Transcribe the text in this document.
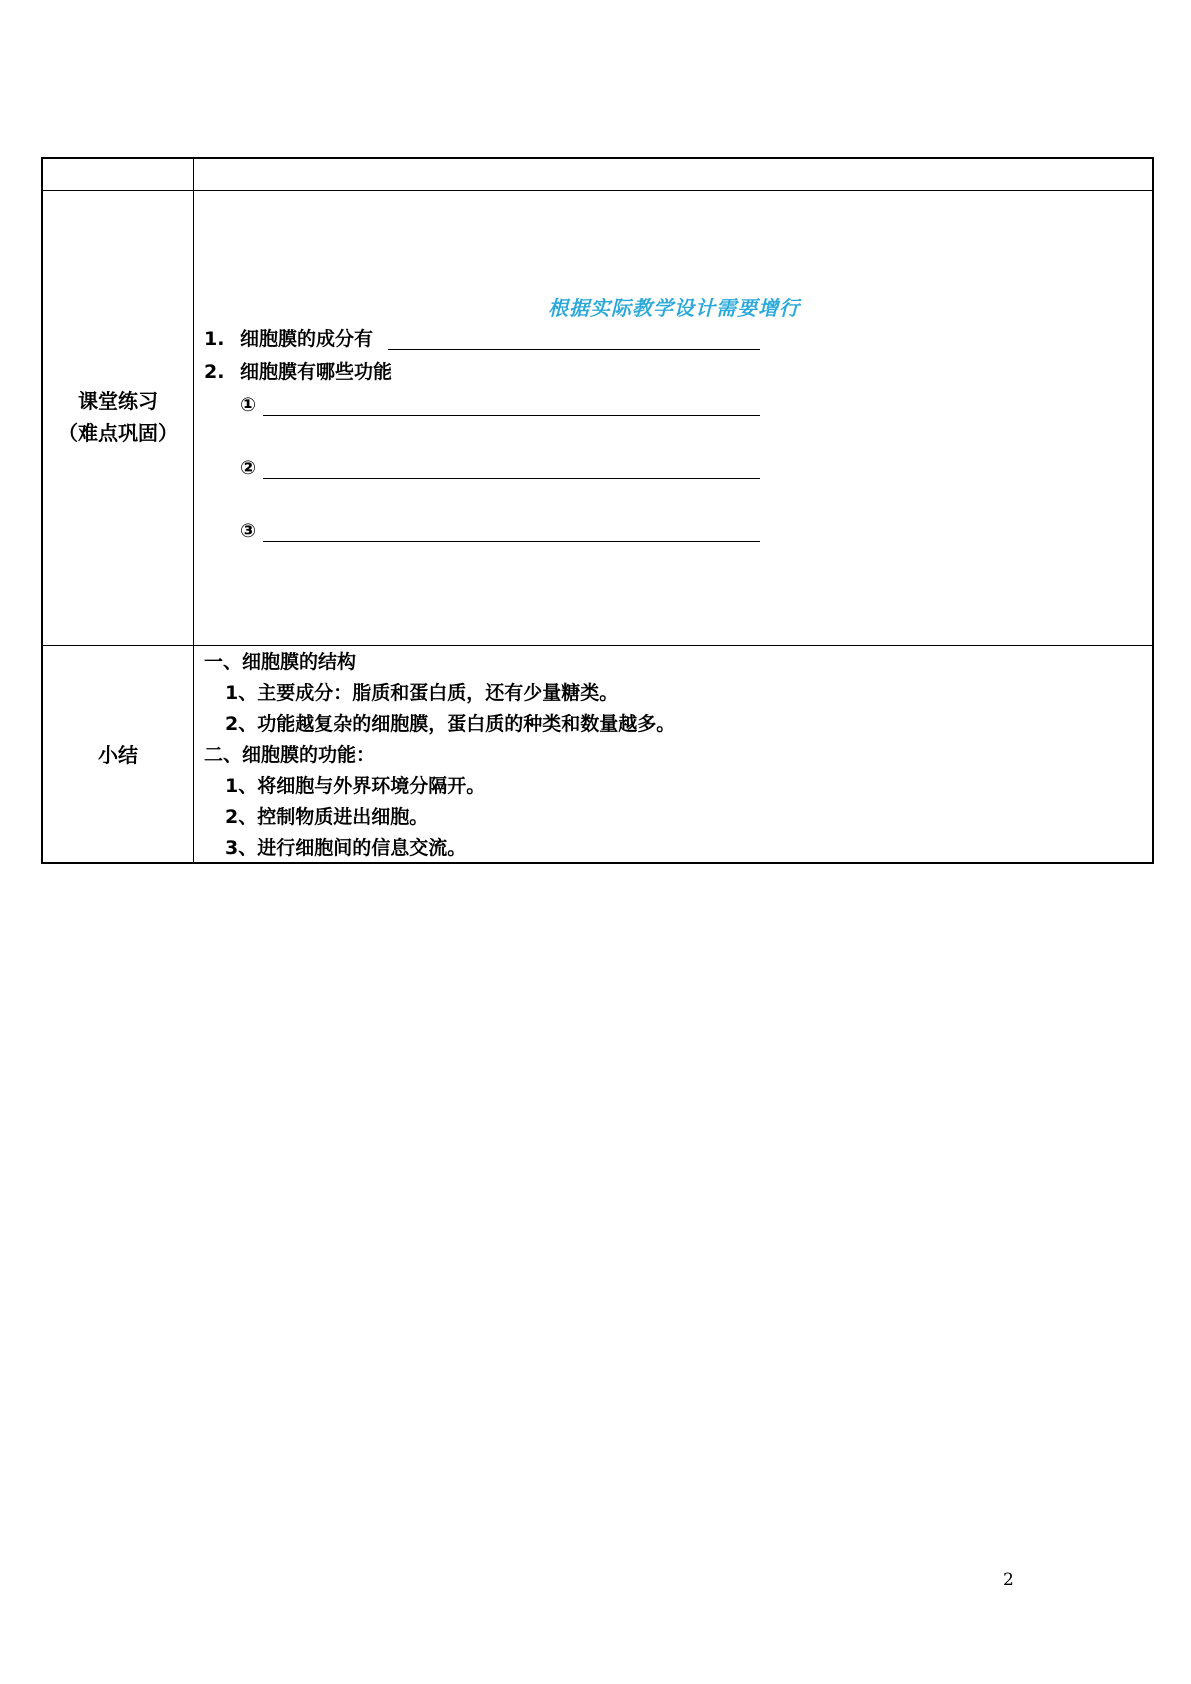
课堂练习
（难点巩固）
根据实际教学设计需要增行
1. 细胞膜的成分有
2. 细胞膜有哪些功能
①
②
③
小结
一、细胞膜的结构
1、主要成分：脂质和蛋白质，还有少量糖类。
2、功能越复杂的细胞膜，蛋白质的种类和数量越多。
二、细胞膜的功能：
1、将细胞与外界环境分隔开。
2、控制物质进出细胞。
3、进行细胞间的信息交流。
2
